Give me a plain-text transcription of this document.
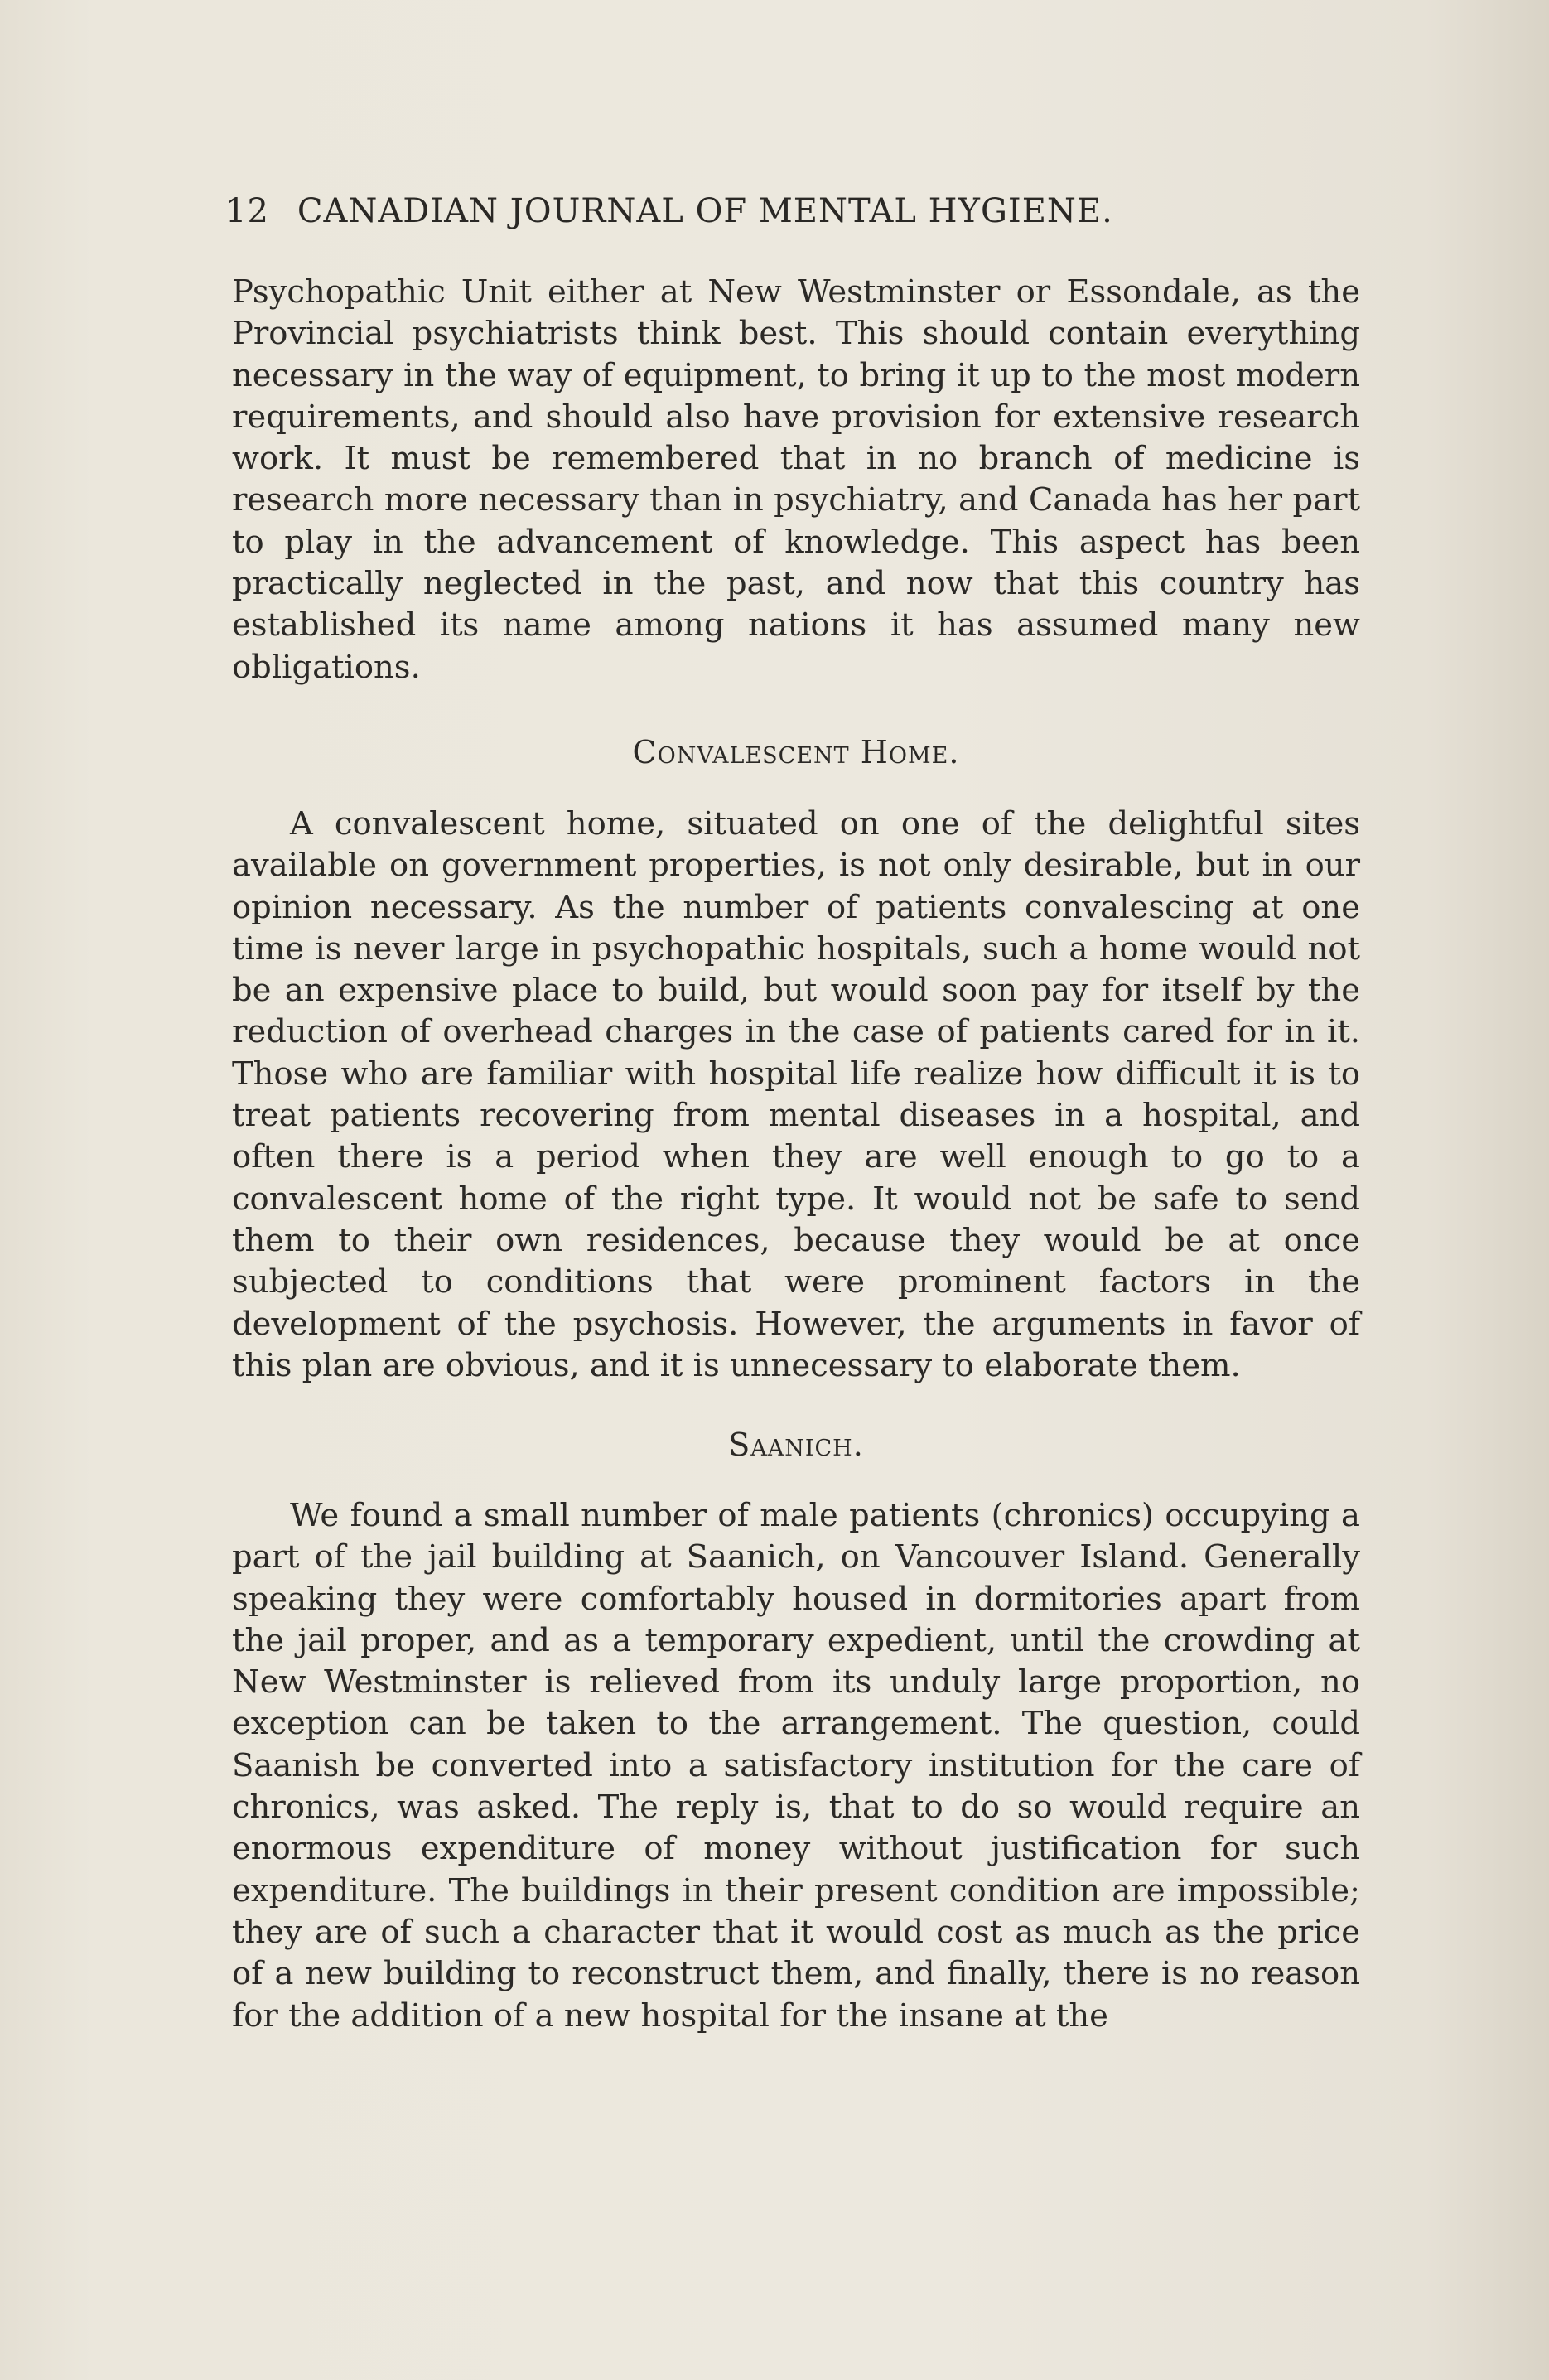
12 CANADIAN JOURNAL OF MENTAL HYGIENE.

Psychopathic Unit either at New Westminster or Essondale, as the Provincial psychiatrists think best. This should contain everything necessary in the way of equipment, to bring it up to the most modern requirements, and should also have provision for extensive research work. It must be remembered that in no branch of medicine is research more necessary than in psychiatry, and Canada has her part to play in the advancement of knowledge. This aspect has been practically neglected in the past, and now that this country has established its name among nations it has assumed many new obligations.

Convalescent Home.

A convalescent home, situated on one of the delightful sites available on government properties, is not only desirable, but in our opinion necessary. As the number of patients convalescing at one time is never large in psychopathic hospitals, such a home would not be an expensive place to build, but would soon pay for itself by the reduction of overhead charges in the case of patients cared for in it. Those who are familiar with hospital life realize how difficult it is to treat patients recovering from mental diseases in a hospital, and often there is a period when they are well enough to go to a convalescent home of the right type. It would not be safe to send them to their own residences, because they would be at once subjected to conditions that were prominent factors in the development of the psychosis. However, the arguments in favor of this plan are obvious, and it is unnecessary to elaborate them.

Saanich.

We found a small number of male patients (chronics) occupying a part of the jail building at Saanich, on Vancouver Island. Generally speaking they were comfortably housed in dormitories apart from the jail proper, and as a temporary expedient, until the crowding at New Westminster is relieved from its unduly large proportion, no exception can be taken to the arrangement. The question, could Saanish be converted into a satisfactory institution for the care of chronics, was asked. The reply is, that to do so would require an enormous expenditure of money without justification for such expenditure. The buildings in their present condition are impossible; they are of such a character that it would cost as much as the price of a new building to reconstruct them, and finally, there is no reason for the addition of a new hospital for the insane at the
